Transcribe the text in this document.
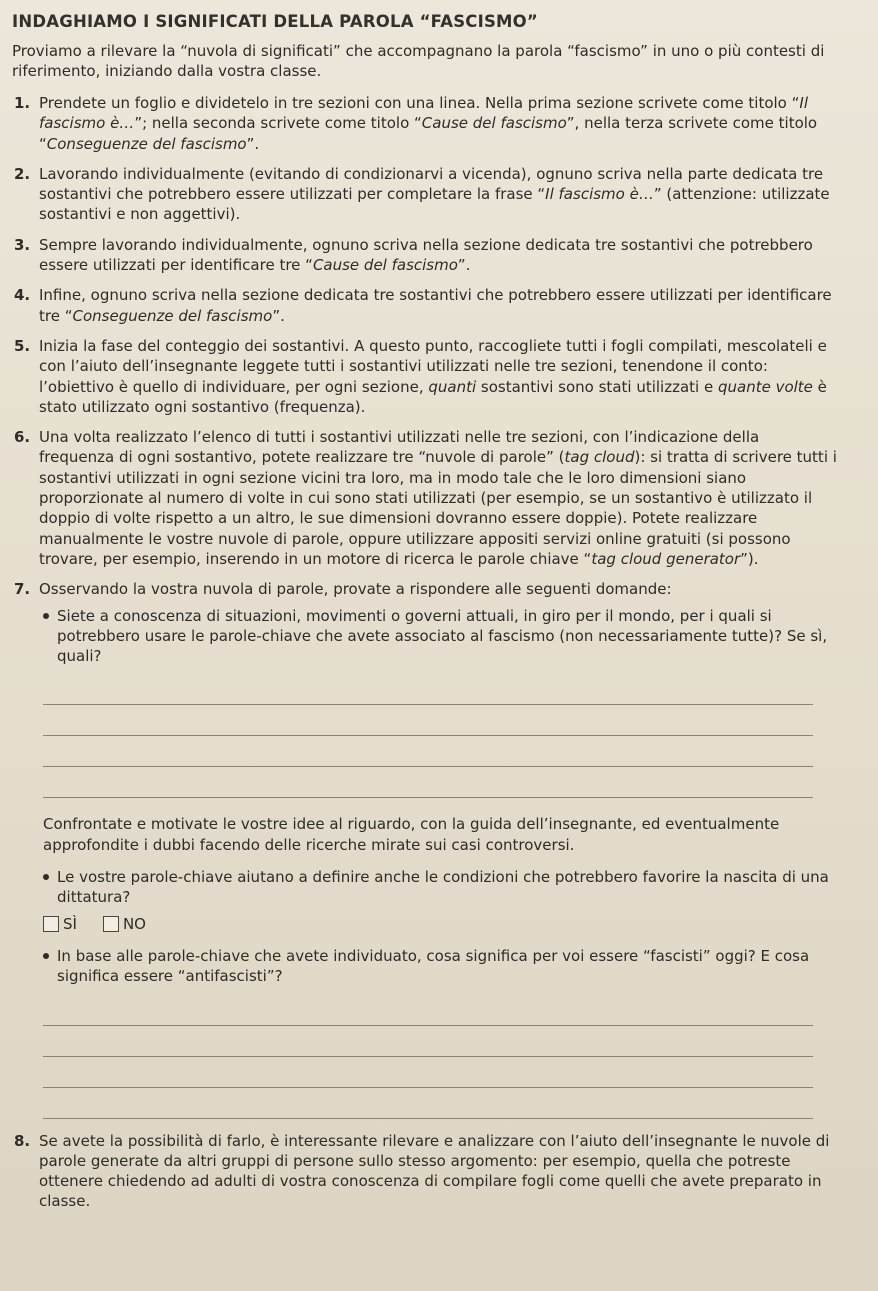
INDAGHIAMO I SIGNIFICATI DELLA PAROLA “FASCISMO”

Proviamo a rilevare la “nuvola di significati” che accompagnano la parola “fascismo” in uno o più contesti di riferimento, iniziando dalla vostra classe.

1. Prendete un foglio e dividetelo in tre sezioni con una linea. Nella prima sezione scrivete come titolo “Il fascismo è…”; nella seconda scrivete come titolo “Cause del fascismo”, nella terza scrivete come titolo “Conseguenze del fascismo”.
2. Lavorando individualmente (evitando di condizionarvi a vicenda), ognuno scriva nella parte dedicata tre sostantivi che potrebbero essere utilizzati per completare la frase “Il fascismo è…” (attenzione: utilizzate sostantivi e non aggettivi).
3. Sempre lavorando individualmente, ognuno scriva nella sezione dedicata tre sostantivi che potrebbero essere utilizzati per identificare tre “Cause del fascismo”.
4. Infine, ognuno scriva nella sezione dedicata tre sostantivi che potrebbero essere utilizzati per identificare tre “Conseguenze del fascismo”.
5. Inizia la fase del conteggio dei sostantivi. A questo punto, raccogliete tutti i fogli compilati, mescolateli e con l’aiuto dell’insegnante leggete tutti i sostantivi utilizzati nelle tre sezioni, tenendone il conto: l’obiettivo è quello di individuare, per ogni sezione, quanti sostantivi sono stati utilizzati e quante volte è stato utilizzato ogni sostantivo (frequenza).
6. Una volta realizzato l’elenco di tutti i sostantivi utilizzati nelle tre sezioni, con l’indicazione della frequenza di ogni sostantivo, potete realizzare tre “nuvole di parole” (tag cloud): si tratta di scrivere tutti i sostantivi utilizzati in ogni sezione vicini tra loro, ma in modo tale che le loro dimensioni siano proporzionate al numero di volte in cui sono stati utilizzati (per esempio, se un sostantivo è utilizzato il doppio di volte rispetto a un altro, le sue dimensioni dovranno essere doppie). Potete realizzare manualmente le vostre nuvole di parole, oppure utilizzare appositi servizi online gratuiti (si possono trovare, per esempio, inserendo in un motore di ricerca le parole chiave “tag cloud generator”).
7. Osservando la vostra nuvola di parole, provate a rispondere alle seguenti domande:
Siete a conoscenza di situazioni, movimenti o governi attuali, in giro per il mondo, per i quali si potrebbero usare le parole-chiave che avete associato al fascismo (non necessariamente tutte)? Se sì, quali?
Confrontate e motivate le vostre idee al riguardo, con la guida dell’insegnante, ed eventualmente approfondite i dubbi facendo delle ricerche mirate sui casi controversi.
Le vostre parole-chiave aiutano a definire anche le condizioni che potrebbero favorire la nascita di una dittatura?
SÌ	NO
In base alle parole-chiave che avete individuato, cosa significa per voi essere “fascisti” oggi? E cosa significa essere “antifascisti”?
8. Se avete la possibilità di farlo, è interessante rilevare e analizzare con l’aiuto dell’insegnante le nuvole di parole generate da altri gruppi di persone sullo stesso argomento: per esempio, quella che potreste ottenere chiedendo ad adulti di vostra conoscenza di compilare fogli come quelli che avete preparato in classe.
